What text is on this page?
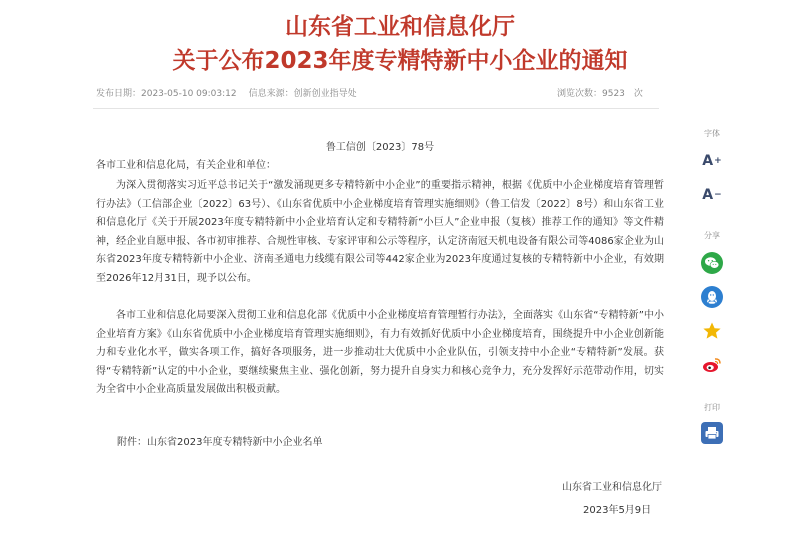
山东省工业和信息化厅
关于公布2023年度专精特新中小企业的通知
发布日期：2023-05-10 09:03:12 信息来源：创新创业指导处	浏览次数：9523　次
鲁工信创〔2023〕78号
各市工业和信息化局，有关企业和单位：
为深入贯彻落实习近平总书记关于“激发涌现更多专精特新中小企业”的重要指示精神，根据《优质中小企业梯度培育管理暂行办法》（工信部企业〔2022〕63号）、《山东省优质中小企业梯度培育管理实施细则》（鲁工信发〔2022〕8号）和山东省工业和信息化厅《关于开展2023年度专精特新中小企业培育认定和专精特新“小巨人”企业申报（复核）推荐工作的通知》等文件精神，经企业自愿申报、各市初审推荐、合规性审核、专家评审和公示等程序，认定济南冠天机电设备有限公司等4086家企业为山东省2023年度专精特新中小企业、济南圣通电力线缆有限公司等442家企业为2023年度通过复核的专精特新中小企业，有效期至2026年12月31日，现予以公布。
各市工业和信息化局要深入贯彻工业和信息化部《优质中小企业梯度培育管理暂行办法》，全面落实《山东省“专精特新”中小企业培育方案》《山东省优质中小企业梯度培育管理实施细则》，有力有效抓好优质中小企业梯度培育，围绕提升中小企业创新能力和专业化水平，做实各项工作，搞好各项服务，进一步推动壮大优质中小企业队伍，引领支持中小企业“专精特新”发展。获得“专精特新”认定的中小企业，要继续聚焦主业、强化创新，努力提升自身实力和核心竞争力，充分发挥好示范带动作用，切实为全省中小企业高质量发展做出积极贡献。
附件：山东省2023年度专精特新中小企业名单
山东省工业和信息化厅
2023年5月9日
字体
A +
A −
分享
打印
